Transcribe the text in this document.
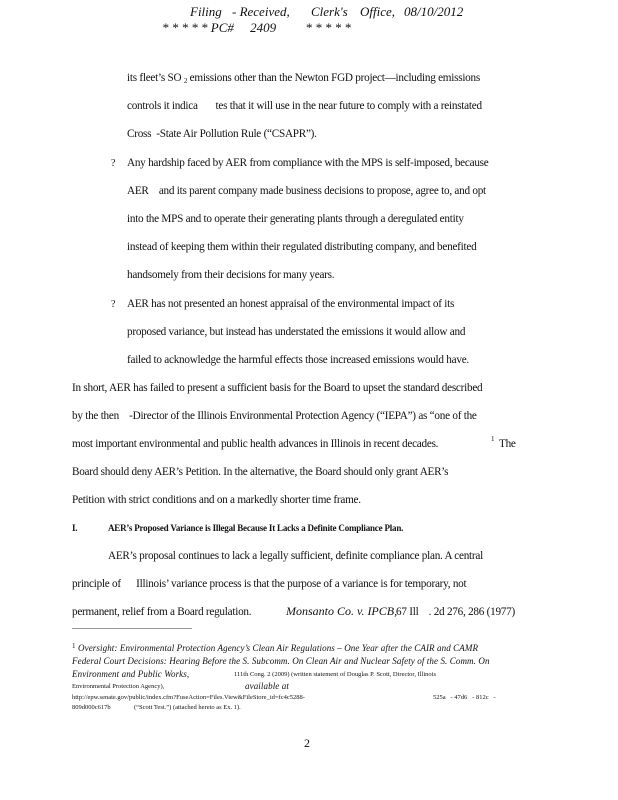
Filing - Received, Clerk's Office, 08/10/2012
* * * * * PC#     2409         * * * * *
its fleet’s SO $_2$ emissions other than the Newton FGD project—including emissions
controls it indica       tes that it will use in the near future to comply with a reinstated
Cross  -State Air Pollution Rule (“CSAPR”).
? Any hardship faced by AER from compliance with the MPS is self-imposed, because
AER    and its parent company made business decisions to propose, agree to, and opt
into the MPS and to operate their generating plants through a deregulated entity
instead of keeping them within their regulated distributing company, and benefited
handsomely from their decisions for many years.
? AER has not presented an honest appraisal of the environmental impact of its
proposed variance, but instead has understated the emissions it would allow and
failed to acknowledge the harmful effects those increased emissions would have.
In short, AER has failed to present a sufficient basis for the Board to upset the standard described
by the then    -Director of the Illinois Environmental Protection Agency (“IEPA”) as “one of the
most important environmental and public health advances in Illinois in recent decades.	1 The
Board should deny AER’s Petition. In the alternative, the Board should only grant AER’s
Petition with strict conditions and on a markedly shorter time frame.
I.	AER’s Proposed Variance is Illegal Because It Lacks a Definite Compliance Plan.
AER’s proposal continues to lack a legally sufficient, definite compliance plan. A central
principle of      Illinois’ variance process is that the purpose of a variance is for temporary, not
permanent, relief from a Board regulation.	Monsanto Co. v. IPCB,
67 Ill    . 2d 276, 286 (1977)
1 Oversight: Environmental Protection Agency’s Clean Air Regulations – One Year after the CAIR and CAMR
Federal Court Decisions: Hearing Before the S. Subcomm. On Clean Air and Nuclear Safety of the S. Comm. On
Environment and Public Works,	111th Cong. 2 (2009) (written statement of Douglas P. Scott, Director, Illinois
Environmental Protection Agency),	available at
http://epw.senate.gov/public/index.cfm?FuseAction=Files.View&FileStore_id=fc4c5288-	525a   - 47d6   - 812c   -
809d000c617b	(“Scott Test.”) (attached hereto as Ex. 1).
2
